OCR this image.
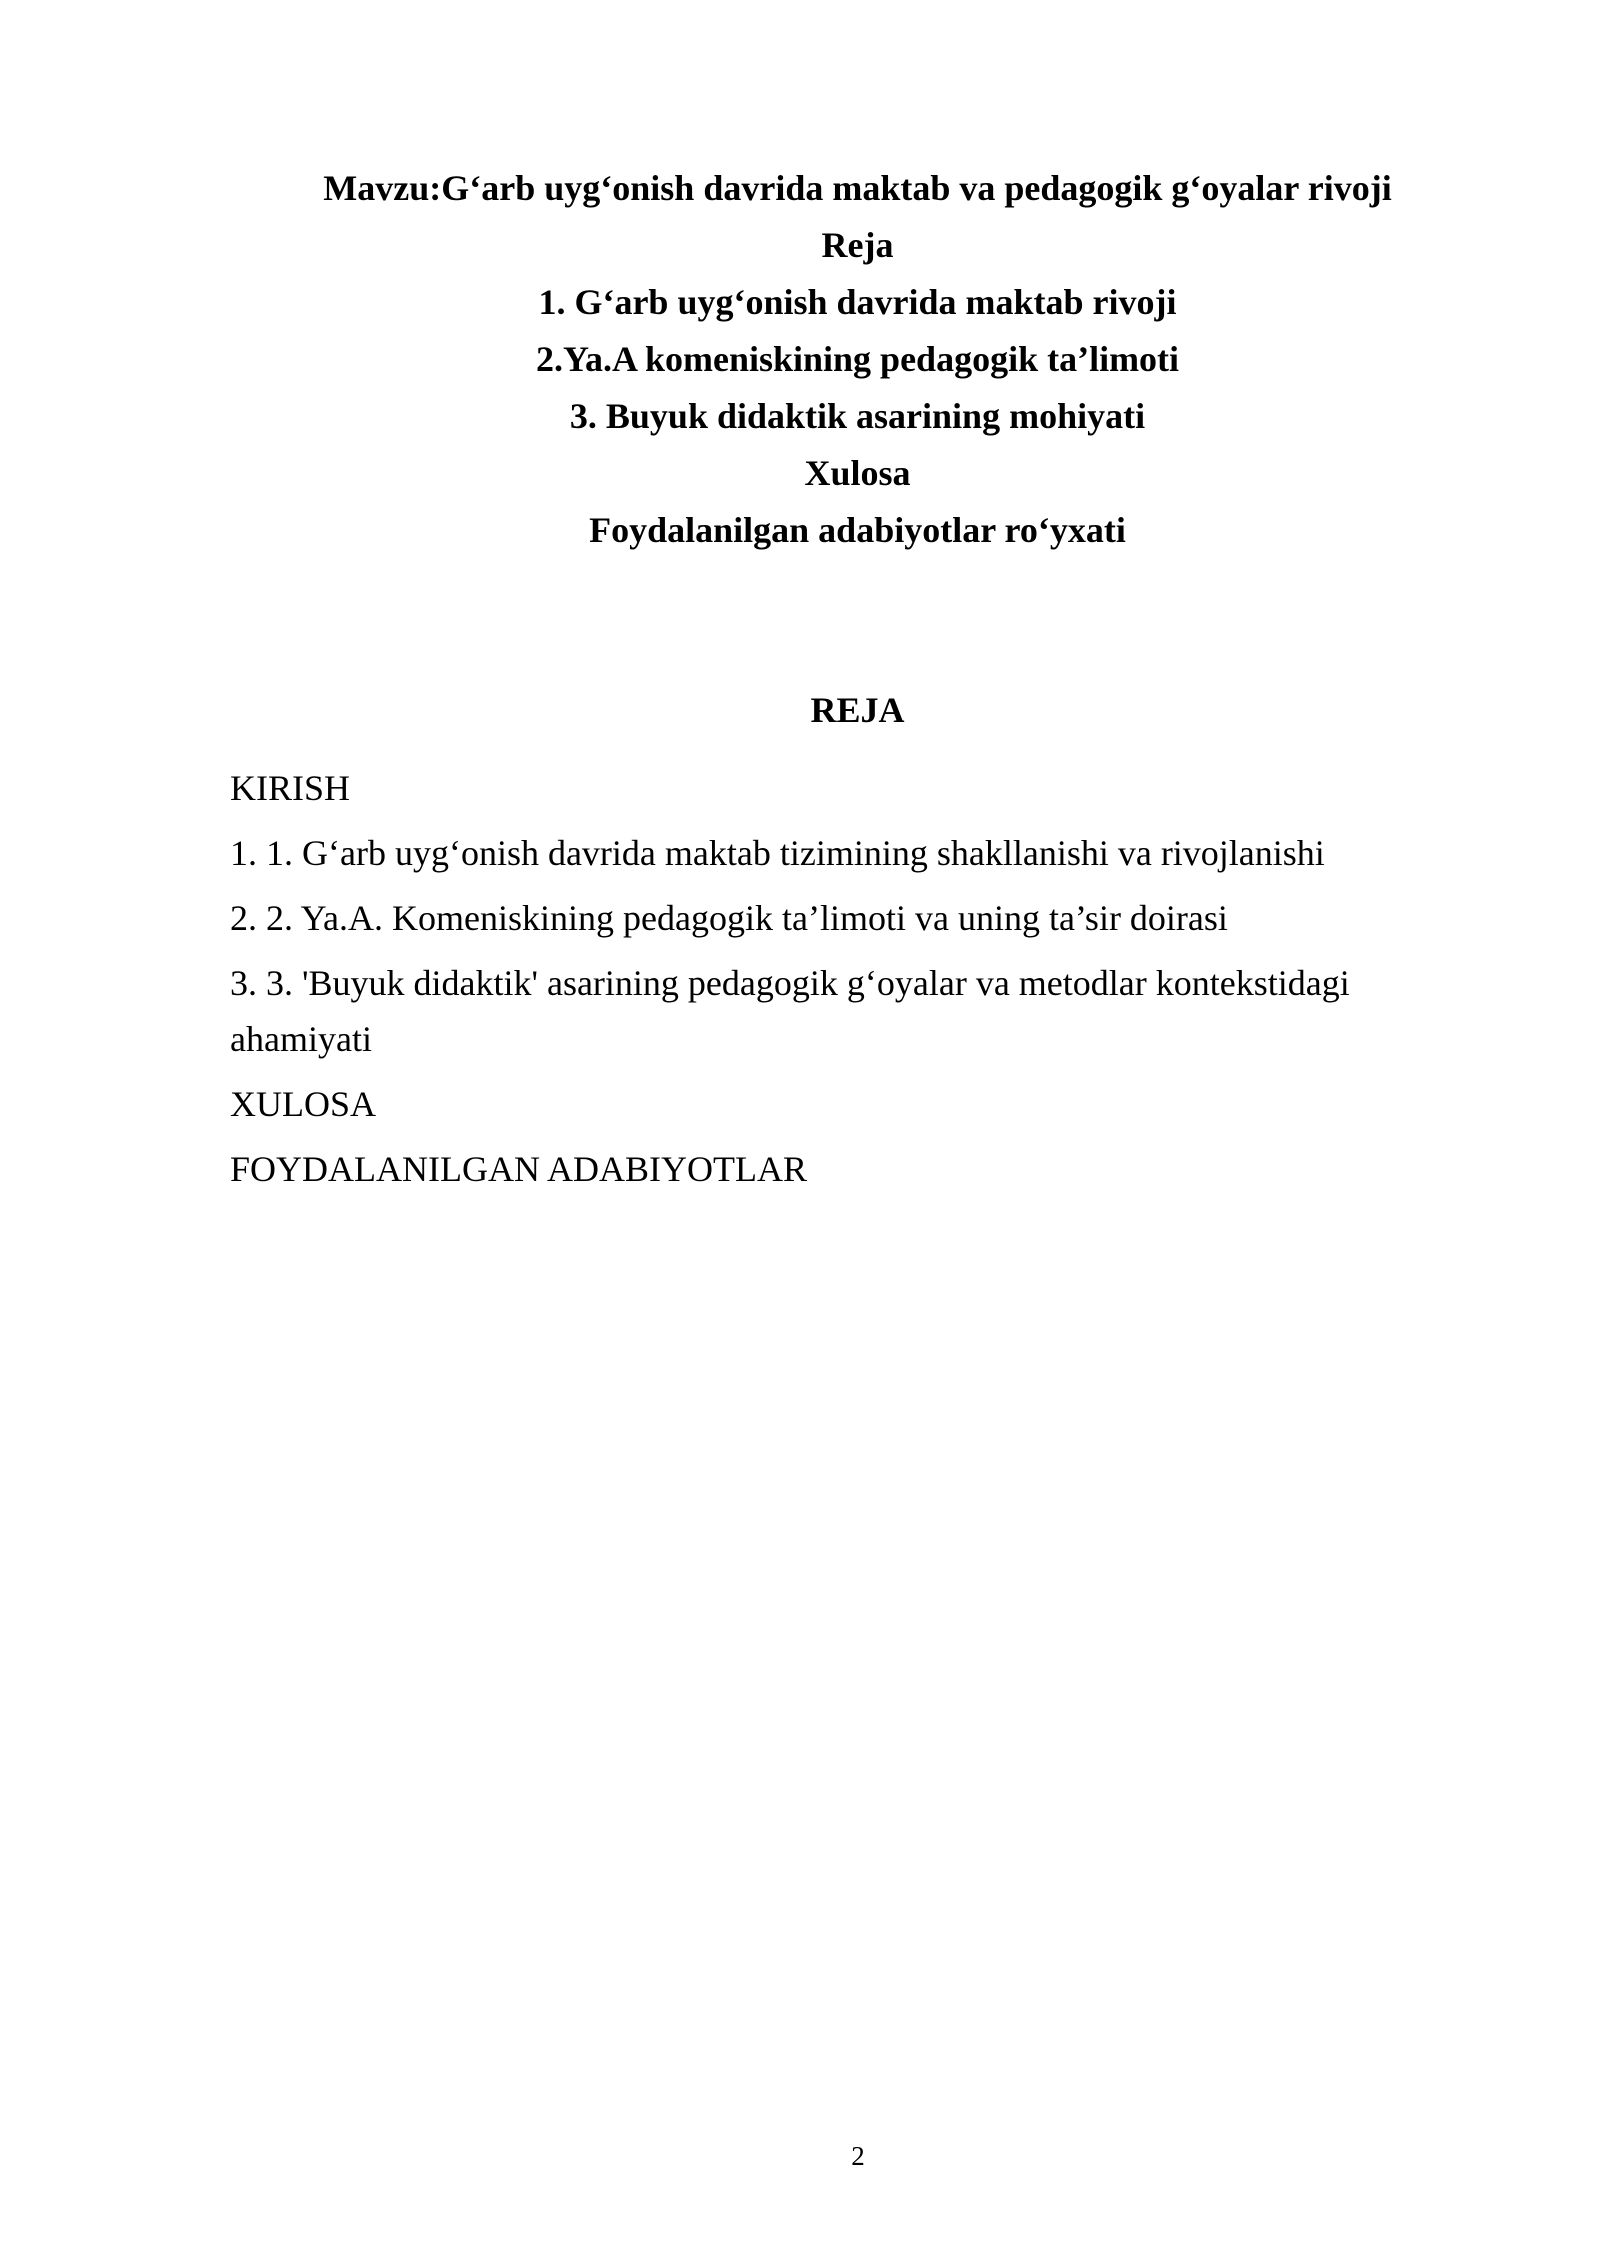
Mavzu:G‘arb uyg‘onish davrida maktab va pedagogik g‘oyalar rivoji
Reja
1. G‘arb uyg‘onish davrida maktab rivoji
2.Ya.A komeniskining pedagogik ta’limoti
3. Buyuk didaktik asarining mohiyati
Xulosa
Foydalanilgan adabiyotlar ro‘yxati
REJA
KIRISH
1. 1. G‘arb uyg‘onish davrida maktab tizimining shakllanishi va rivojlanishi
2. 2. Ya.A. Komeniskining pedagogik ta’limoti va uning ta’sir doirasi
3. 3. 'Buyuk didaktik' asarining pedagogik g‘oyalar va metodlar kontekstidagi ahamiyati
XULOSA
FOYDALANILGAN ADABIYOTLAR
2
